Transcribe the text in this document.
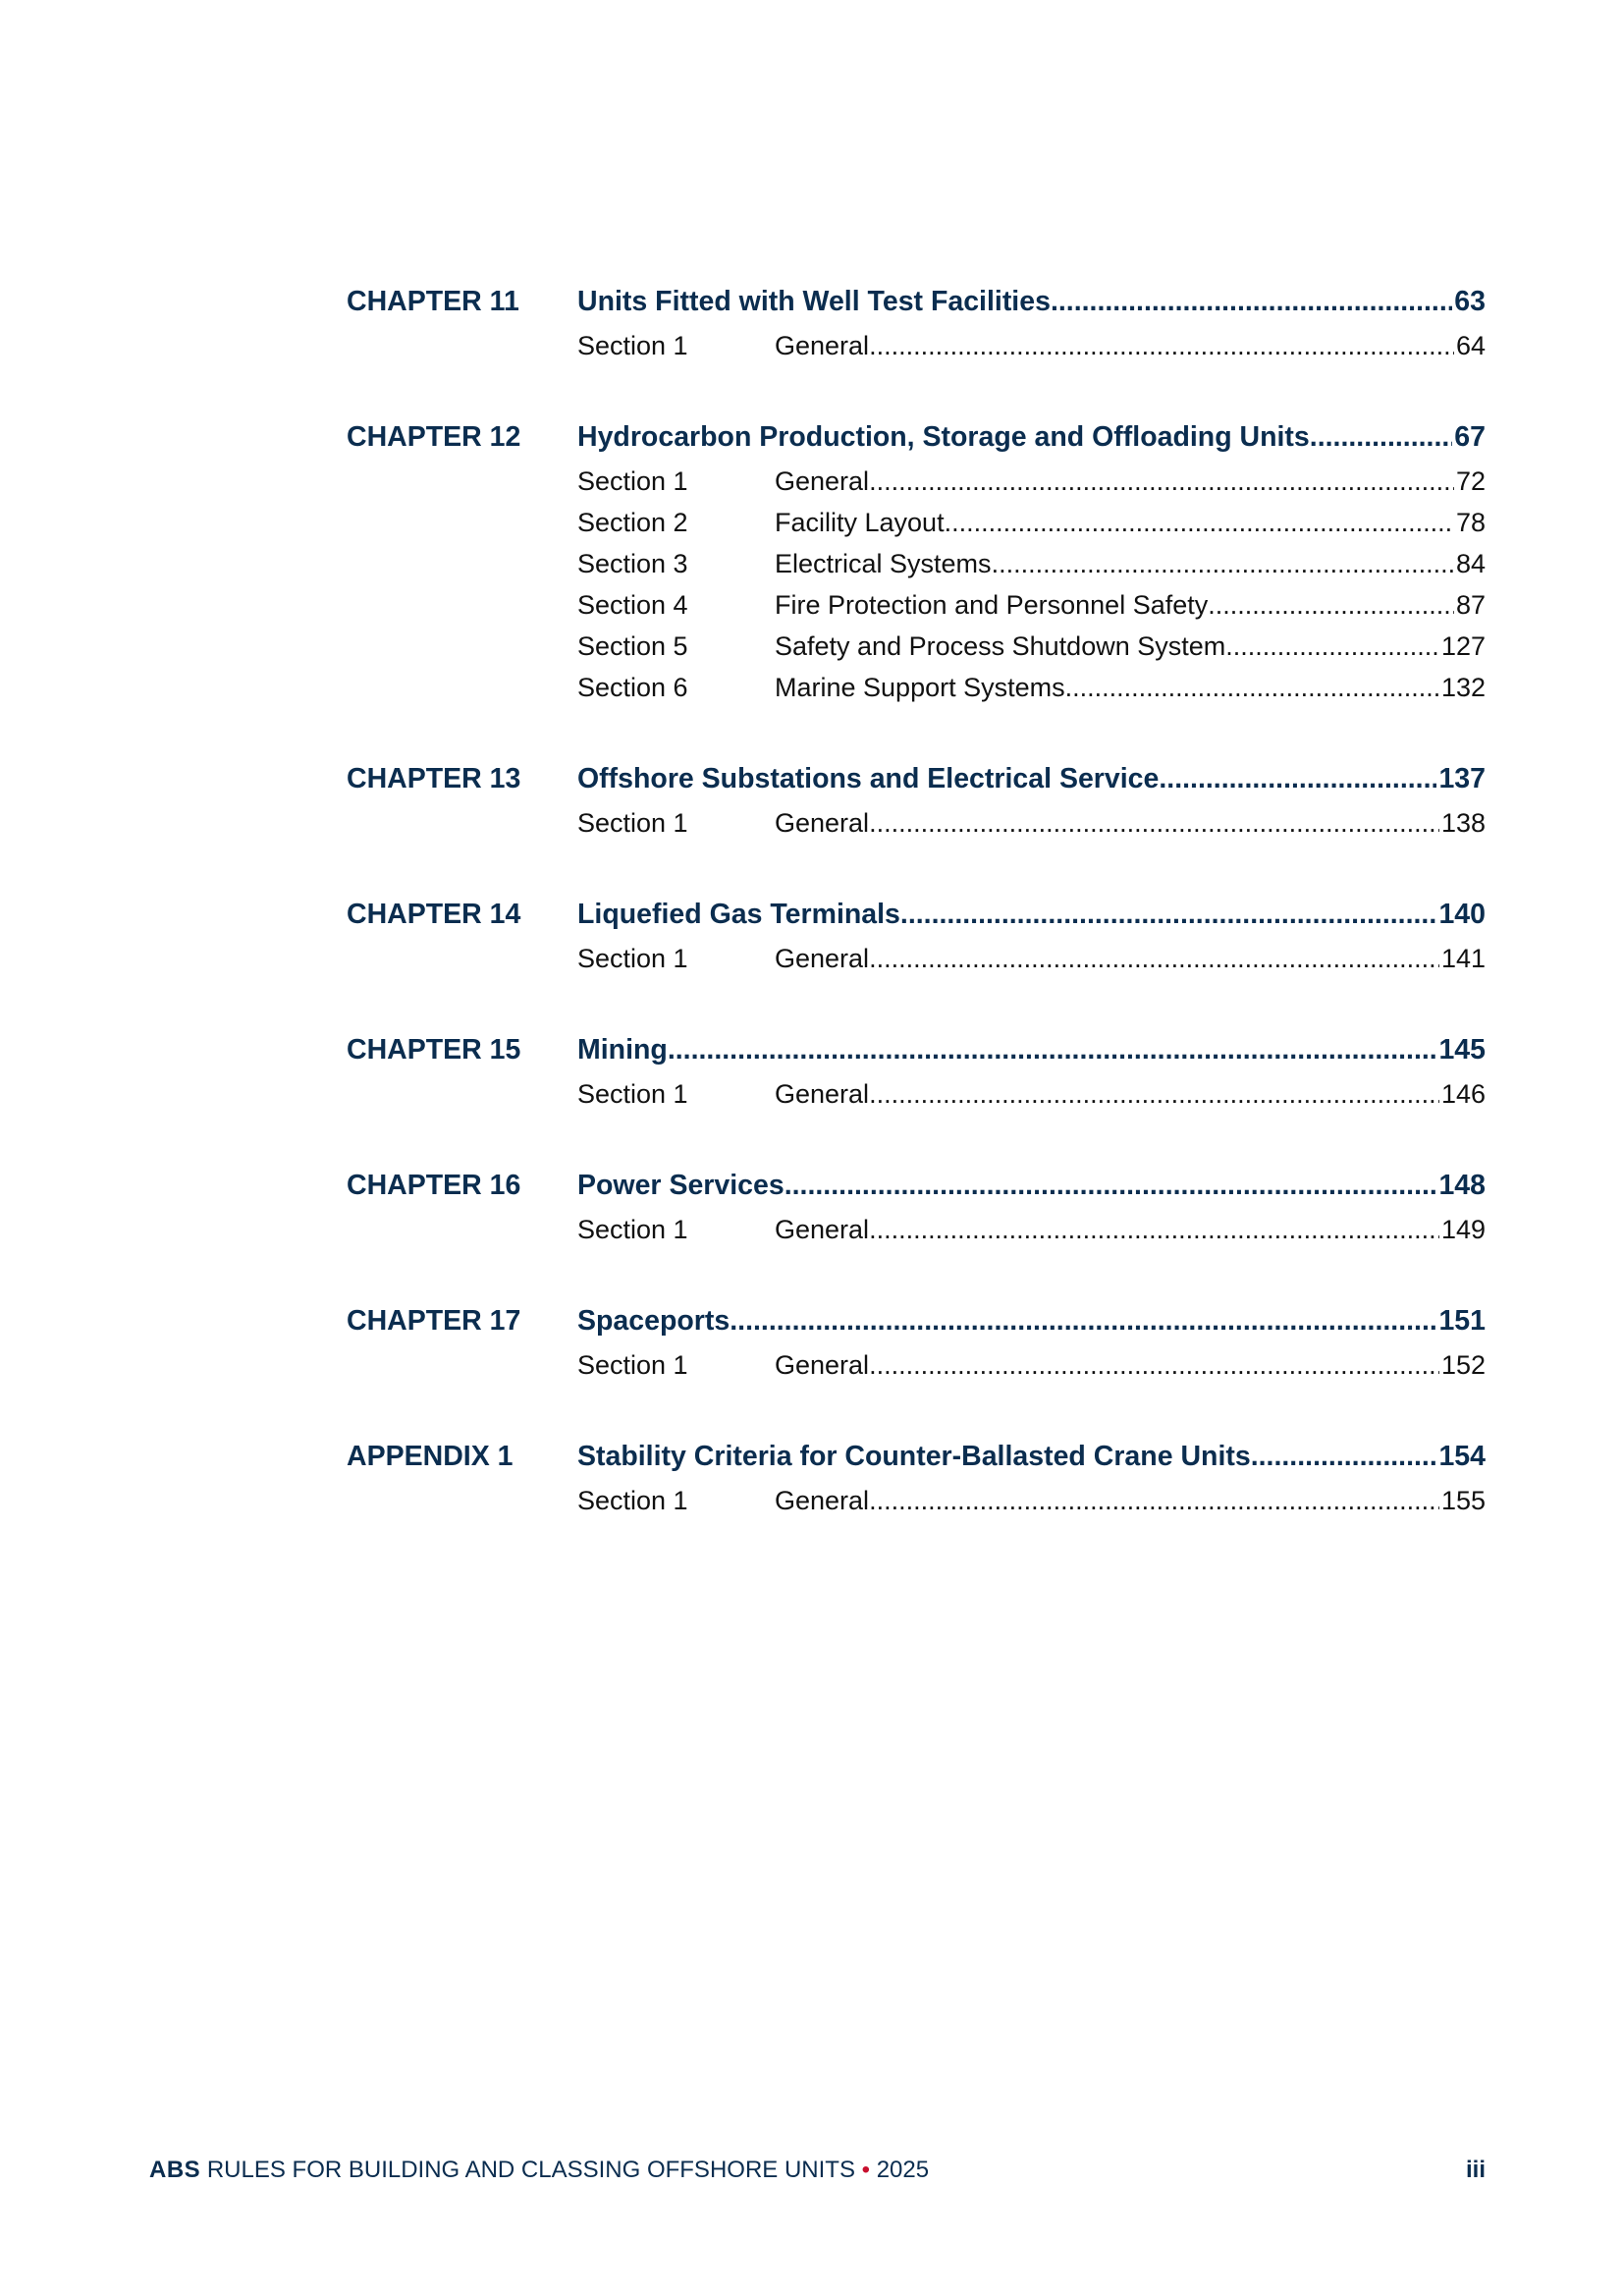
CHAPTER 11	Units Fitted with Well Test Facilities .....	63
Section 1	General .....	64
CHAPTER 12	Hydrocarbon Production, Storage and Offloading Units .....	67
Section 1	General .....	72
Section 2	Facility Layout .....	78
Section 3	Electrical Systems .....	84
Section 4	Fire Protection and Personnel Safety .....	87
Section 5	Safety and Process Shutdown System .....	127
Section 6	Marine Support Systems .....	132
CHAPTER 13	Offshore Substations and Electrical Service .....	137
Section 1	General .....	138
CHAPTER 14	Liquefied Gas Terminals .....	140
Section 1	General .....	141
CHAPTER 15	Mining .....	145
Section 1	General .....	146
CHAPTER 16	Power Services .....	148
Section 1	General .....	149
CHAPTER 17	Spaceports .....	151
Section 1	General .....	152
APPENDIX 1	Stability Criteria for Counter-Ballasted Crane Units .....	154
Section 1	General .....	155
ABS RULES FOR BUILDING AND CLASSING OFFSHORE UNITS • 2025	iii
